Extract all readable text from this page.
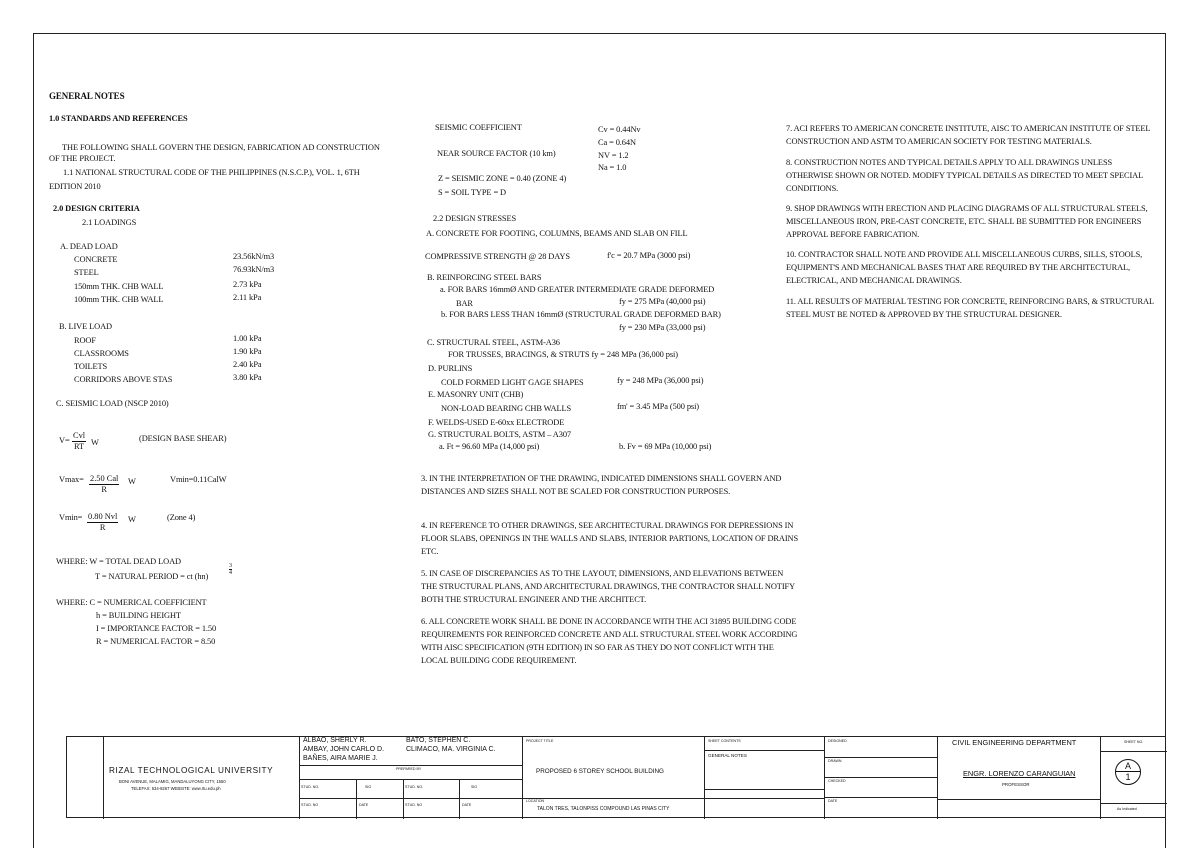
GENERAL NOTES
1.0 STANDARDS AND REFERENCES
THE FOLLOWING SHALL GOVERN THE DESIGN, FABRICATION AD CONSTRUCTION
OF THE PROJECT.
1.1 NATIONAL STRUCTURAL CODE OF THE PHILIPPINES (N.S.C.P.), VOL. 1, 6TH
EDITION 2010
2.0 DESIGN CRITERIA
2.1 LOADINGS
A. DEAD LOAD
CONCRETE	23.56kN/m3
STEEL	76.93kN/m3
150mm THK. CHB WALL	2.73 kPa
100mm THK. CHB WALL	2.11 kPa
B. LIVE LOAD
ROOF	1.00 kPa
CLASSROOMS	1.90 kPa
TOILETS	2.40 kPa
CORRIDORS ABOVE STAS	3.80 kPa
C. SEISMIC LOAD (NSCP 2010)
V=
Cvl
RT W	(DESIGN BASE SHEAR)
Vmax= 2.50 Cal
R
W	Vmin=0.11CalW
Vmin= 0.80 Nvl
R
W	(Zone 4)
WHERE: W = TOTAL DEAD LOAD
T = NATURAL PERIOD = ct (hn)
$\frac{3}{4}$
WHERE: C = NUMERICAL COEFFICIENT
h = BUILDING HEIGHT
I = IMPORTANCE FACTOR = 1.50
R = NUMERICAL FACTOR = 8.50
SEISMIC COEFFICIENT	Cv = 0.44Nv
Ca = 0.64N
NEAR SOURCE FACTOR (10 km)	NV = 1.2
Na = 1.0
Z = SEISMIC ZONE = 0.40 (ZONE 4)
S = SOIL TYPE = D
2.2 DESIGN STRESSES
A. CONCRETE FOR FOOTING, COLUMNS, BEAMS AND SLAB ON FILL
COMPRESSIVE STRENGTH @ 28 DAYS	f'c = 20.7 MPa (3000 psi)
B. REINFORCING STEEL BARS
a. FOR BARS 16mmØ AND GREATER INTERMEDIATE GRADE DEFORMED
BAR	fy = 275 MPa (40,000 psi)
b. FOR BARS LESS THAN 16mmØ (STRUCTURAL GRADE DEFORMED BAR)
fy = 230 MPa (33,000 psi)
C. STRUCTURAL STEEL, ASTM-A36
FOR TRUSSES, BRACINGS, & STRUTS fy = 248 MPa (36,000 psi)
D. PURLINS
COLD FORMED LIGHT GAGE SHAPES	fy = 248 MPa (36,000 psi)
E. MASONRY UNIT (CHB)
NON-LOAD BEARING CHB WALLS	fm' = 3.45 MPa (500 psi)
F. WELDS-USED E-60xx ELECTRODE
G. STRUCTURAL BOLTS, ASTM – A307
a. Ft = 96.60 MPa (14,000 psi)	b. Fv = 69 MPa (10,000 psi)
3. IN THE INTERPRETATION OF THE DRAWING, INDICATED DIMENSIONS SHALL GOVERN AND DISTANCES AND SIZES SHALL NOT BE SCALED FOR CONSTRUCTION PURPOSES.
4. IN REFERENCE TO OTHER DRAWINGS, SEE ARCHITECTURAL DRAWINGS FOR DEPRESSIONS IN FLOOR SLABS, OPENINGS IN THE WALLS AND SLABS, INTERIOR PARTIONS, LOCATION OF DRAINS ETC.
5. IN CASE OF DISCREPANCIES AS TO THE LAYOUT, DIMENSIONS, AND ELEVATIONS BETWEEN THE STRUCTURAL PLANS, AND ARCHITECTURAL DRAWINGS, THE CONTRACTOR SHALL NOTIFY BOTH THE STRUCTURAL ENGINEER AND THE ARCHITECT.
6. ALL CONCRETE WORK SHALL BE DONE IN ACCORDANCE WITH THE ACI 31895 BUILDING CODE REQUIREMENTS FOR REINFORCED CONCRETE AND ALL STRUCTURAL STEEL WORK ACCORDING WITH AISC SPECIFICATION (9TH EDITION) IN SO FAR AS THEY DO NOT CONFLICT WITH THE LOCAL BUILDING CODE REQUIREMENT.
7. ACI REFERS TO AMERICAN CONCRETE INSTITUTE, AISC TO AMERICAN INSTITUTE OF STEEL CONSTRUCTION AND ASTM TO AMERICAN SOCIETY FOR TESTING MATERIALS.
8. CONSTRUCTION NOTES AND TYPICAL DETAILS APPLY TO ALL DRAWINGS UNLESS OTHERWISE SHOWN OR NOTED. MODIFY TYPICAL DETAILS AS DIRECTED TO MEET SPECIAL CONDITIONS.
9. SHOP DRAWINGS WITH ERECTION AND PLACING DIAGRAMS OF ALL STRUCTURAL STEELS, MISCELLANEOUS IRON, PRE-CAST CONCRETE, ETC. SHALL BE SUBMITTED FOR ENGINEERS APPROVAL BEFORE FABRICATION.
10. CONTRACTOR SHALL NOTE AND PROVIDE ALL MISCELLANEOUS CURBS, SILLS, STOOLS, EQUIPMENT'S AND MECHANICAL BASES THAT ARE REQUIRED BY THE ARCHITECTURAL, ELECTRICAL, AND MECHANICAL DRAWINGS.
11. ALL RESULTS OF MATERIAL TESTING FOR CONCRETE, REINFORCING BARS, & STRUCTURAL STEEL MUST BE NOTED & APPROVED BY THE STRUCTURAL DESIGNER.
RIZAL TECHNOLOGICAL UNIVERSITY
BONI AVENUE, MALAMIG, MANDALUYONG CITY, 1550
TELEFAX: 534-8267 WEBSITE: www.rtu.edu.ph
ALBAO, SHERLY R.	BATO, STEPHEN C.
AMBAY, JOHN CARLO D.	CLIMACO, MA. VIRGINIA C.
BAÑES, AIRA MARIE J.
PREPARED BY
STUD. NO.	SIG	STUD. NO.	SIG
STUD. NO	DATE	STUD. NO	DATE
PROJECT TITLE
PROPOSED 6 STOREY SCHOOL BUILDING
LOCATION
TALON TRES, TALONPISS COMPOUND LAS PINAS CITY
SHEET CONTENTS
GENERAL NOTES
DESIGNED
DRAWN
CHECKED
DATE
CIVIL ENGINEERING DEPARTMENT
ENGR. LORENZO CARANGUIAN
PROFESSOR
SHEET NO.
A
1
As Indicated
